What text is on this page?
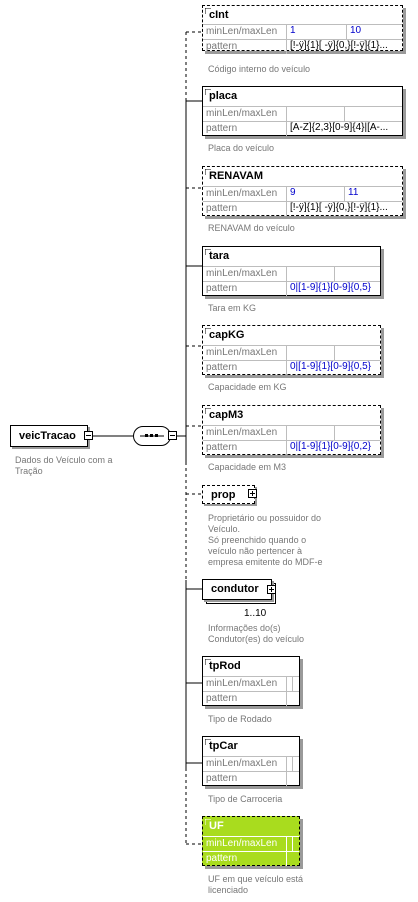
veicTracao
Dados do Veículo com a
Tração
cInt
minLen/maxLen	1	10
pattern	[!-ÿ]{1}[ -ÿ]{0,}[!-ÿ]{1}...
Código interno do veículo
placa
minLen/maxLen
pattern	[A-Z]{2,3}[0-9]{4}|[A-...
Placa do veículo
RENAVAM
minLen/maxLen	9	11
pattern	[!-ÿ]{1}[ -ÿ]{0,}[!-ÿ]{1}...
RENAVAM do veículo
tara
minLen/maxLen
pattern	0|[1-9]{1}[0-9]{0,5}
Tara em KG
capKG
minLen/maxLen
pattern	0|[1-9]{1}[0-9]{0,5}
Capacidade em KG
capM3
minLen/maxLen
pattern	0|[1-9]{1}[0-9]{0,2}
Capacidade em M3
prop
Proprietário ou possuidor do
Veículo.
Só preenchido quando o
veículo não pertencer à
empresa emitente do MDF-e
condutor
1..10
Informações do(s)
Condutor(es) do veículo
tpRod
minLen/maxLen
pattern
Tipo de Rodado
tpCar
minLen/maxLen
pattern
Tipo de Carroceria
UF
minLen/maxLen
pattern
UF em que veículo está
licenciado
